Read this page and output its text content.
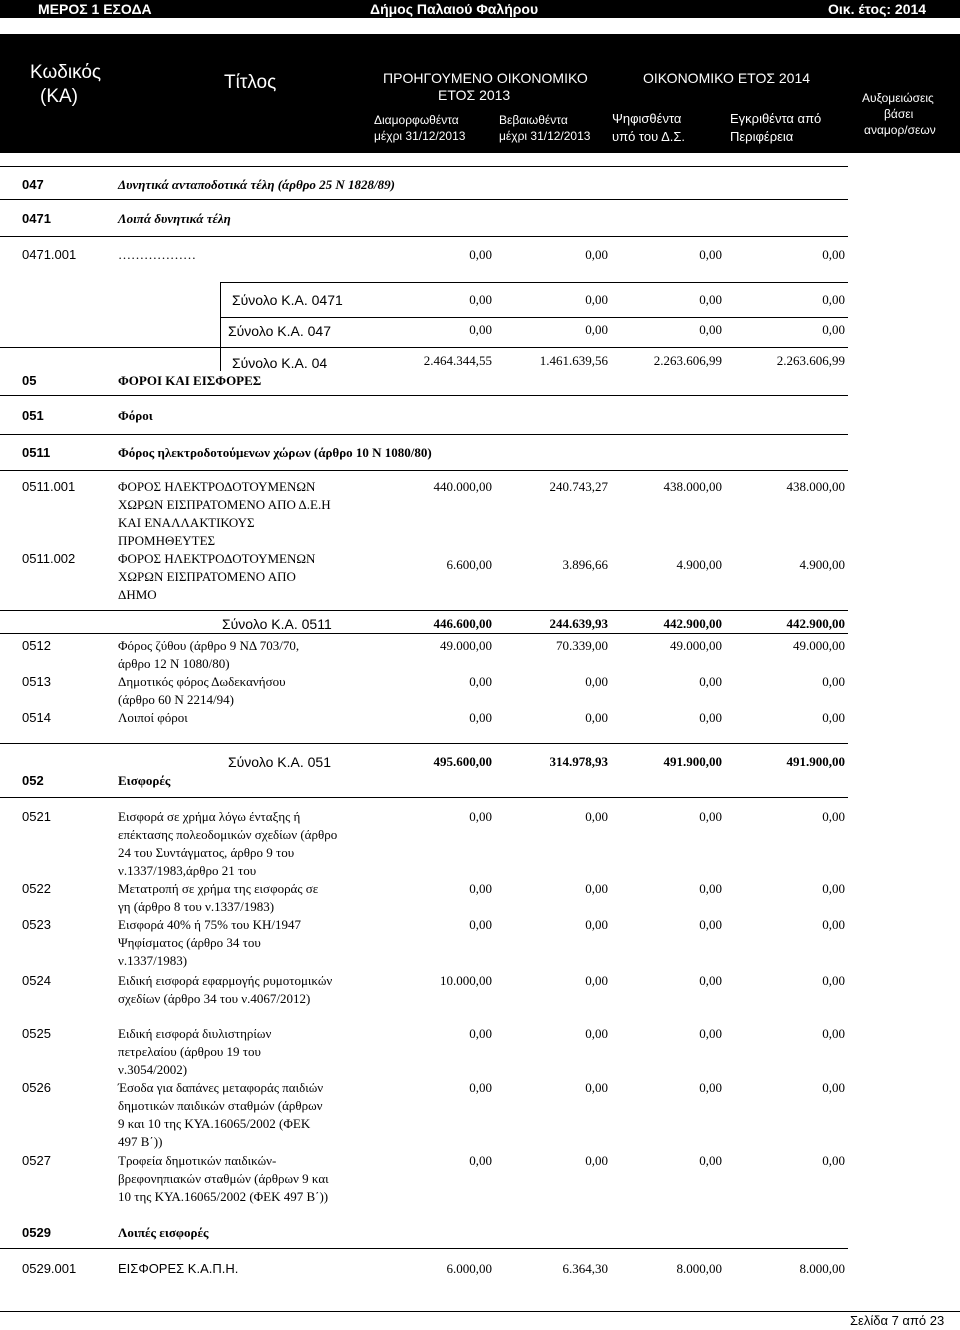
ΜΕΡΟΣ 1 ΕΣΟΔΑ	Δήμος Παλαιού Φαλήρου	Οικ. έτος: 2014
Κωδικός
(ΚΑ)
Τίτλος	ΠΡΟΗΓΟΥΜΕΝΟ ΟΙΚΟΝΟΜΙΚΟ
ΕΤΟΣ 2013
Διαμορφωθέντα
μέχρι 31/12/2013
Βεβαιωθέντα
μέχρι 31/12/2013
ΟΙΚΟΝΟΜΙΚΟ ΕΤΟΣ 2014
Ψηφισθέντα
υπό του Δ.Σ.
Εγκριθέντα από
Περιφέρεια
Αυξομειώσεις
βάσει
αναμορ/σεων
047	Δυνητικά ανταποδοτικά τέλη (άρθρο 25 Ν 1828/89)
0471	Λοιπά δυνητικά τέλη
0471.001	………………	0,00	0,00	0,00	0,00
Σύνολο Κ.Α. 0471	0,00	0,00	0,00	0,00
Σύνολο Κ.Α. 047	0,00	0,00	0,00	0,00
Σύνολο Κ.Α. 04	2.464.344,55	1.461.639,56	2.263.606,99	2.263.606,99
05	ΦΟΡΟΙ ΚΑΙ ΕΙΣΦΟΡΕΣ
051	Φόροι
0511	Φόρος ηλεκτροδοτούμενων χώρων (άρθρο 10 Ν 1080/80)
0511.001	ΦΟΡΟΣ ΗΛΕΚΤΡΟΔΟΤΟΥΜΕΝΩΝ ΧΩΡΩΝ ΕΙΣΠΡΑΤΟΜΕΝΟ ΑΠΟ Δ.Ε.Η ΚΑΙ ΕΝΑΛΛΑΚΤΙΚΟΥΣ ΠΡΟΜΗΘΕΥΤΕΣ
440.000,00	240.743,27	438.000,00	438.000,00
0511.002	ΦΟΡΟΣ ΗΛΕΚΤΡΟΔΟΤΟΥΜΕΝΩΝ ΧΩΡΩΝ ΕΙΣΠΡΑΤΟΜΕΝΟ ΑΠΟ ΔΗΜΟ
6.600,00	3.896,66	4.900,00	4.900,00
Σύνολο Κ.Α. 0511	446.600,00	244.639,93	442.900,00	442.900,00
0512	Φόρος ζύθου (άρθρο 9 ΝΔ 703/70, άρθρο 12 Ν 1080/80)
49.000,00	70.339,00	49.000,00	49.000,00
0513	Δημοτικός φόρος Δωδεκανήσου (άρθρο 60 Ν 2214/94)
0,00	0,00	0,00	0,00
0514	Λοιποί φόροι	0,00	0,00	0,00	0,00
Σύνολο Κ.Α. 051	495.600,00	314.978,93	491.900,00	491.900,00
052	Εισφορές
0521	Εισφορά σε χρήμα λόγω ένταξης ή επέκτασης πολεοδομικών σχεδίων (άρθρο 24 του Συντάγματος, άρθρο 9 του ν.1337/1983,άρθρο 21 του
0,00	0,00	0,00	0,00
0522	Μετατροπή σε χρήμα της εισφοράς σε γη (άρθρο 8 του ν.1337/1983)
0,00	0,00	0,00	0,00
0523	Εισφορά 40% ή 75% του ΚΗ/1947 Ψηφίσματος (άρθρο 34 του ν.1337/1983)
0,00	0,00	0,00	0,00
0524	Ειδική εισφορά εφαρμογής ρυμοτομικών σχεδίων (άρθρο 34 του ν.4067/2012)
10.000,00	0,00	0,00	0,00
0525	Ειδική εισφορά διυλιστηρίων πετρελαίου (άρθρου 19 του ν.3054/2002)
0,00	0,00	0,00	0,00
0526	Έσοδα για δαπάνες μεταφοράς παιδιών δημοτικών παιδικών σταθμών (άρθρων 9 και 10 της ΚΥΑ.16065/2002 (ΦΕΚ 497 Β΄))
0,00	0,00	0,00	0,00
0527	Τροφεία δημοτικών παιδικών-βρεφονηπιακών σταθμών (άρθρων 9 και 10 της ΚΥΑ.16065/2002 (ΦΕΚ 497 Β΄))
0,00	0,00	0,00	0,00
0529	Λοιπές εισφορές
0529.001	ΕΙΣΦΟΡΕΣ Κ.Α.Π.Η.	6.000,00	6.364,30	8.000,00	8.000,00
Σελίδα 7 από 23
